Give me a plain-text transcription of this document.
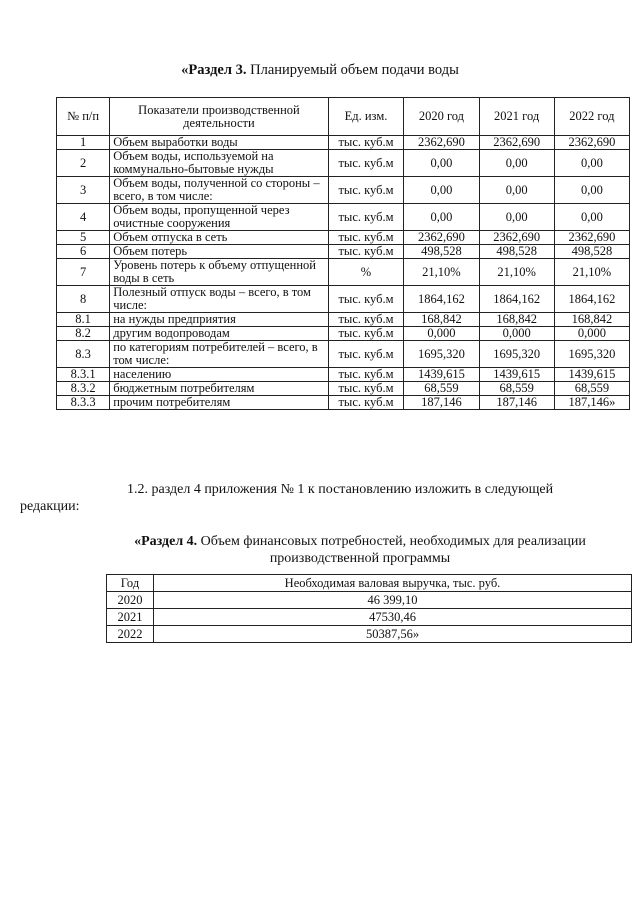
«Раздел 3. Планируемый объем подачи воды
№ п/п	Показатели производственной деятельности	Ед. изм.	2020 год	2021 год	2022 год
1	Объем выработки воды	тыс. куб.м	2362,690	2362,690	2362,690
2	Объем воды, используемой на коммунально-бытовые нужды	тыс. куб.м	0,00	0,00	0,00
3	Объем воды, полученной со стороны – всего, в том числе:	тыс. куб.м	0,00	0,00	0,00
4	Объем воды, пропущенной через очистные сооружения	тыс. куб.м	0,00	0,00	0,00
5	Объем отпуска в сеть	тыс. куб.м	2362,690	2362,690	2362,690
6	Объем потерь	тыс. куб.м	498,528	498,528	498,528
7	Уровень потерь к объему отпущенной воды в сеть	%	21,10%	21,10%	21,10%
8	Полезный отпуск воды – всего, в том числе:	тыс. куб.м	1864,162	1864,162	1864,162
8.1	на нужды предприятия	тыс. куб.м	168,842	168,842	168,842
8.2	другим водопроводам	тыс. куб.м	0,000	0,000	0,000
8.3	по категориям потребителей – всего, в том числе:	тыс. куб.м	1695,320	1695,320	1695,320
8.3.1	населению	тыс. куб.м	1439,615	1439,615	1439,615
8.3.2	бюджетным потребителям	тыс. куб.м	68,559	68,559	68,559
8.3.3	прочим потребителям	тыс. куб.м	187,146	187,146	187,146»
1.2. раздел 4 приложения № 1 к постановлению изложить в следующей
редакции:
«Раздел 4. Объем финансовых потребностей, необходимых для реализации производственной программы
Год	Необходимая валовая выручка, тыс. руб.
2020	46 399,10
2021	47530,46
2022	50387,56»
